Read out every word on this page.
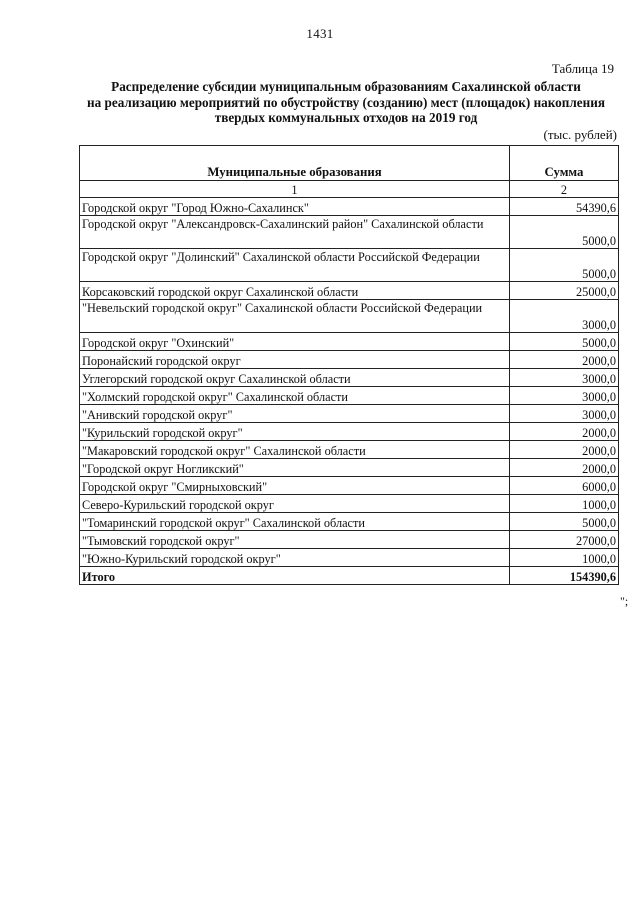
1431
Таблица 19
Распределение субсидии муниципальным образованиям Сахалинской области
на реализацию мероприятий по обустройству (созданию) мест (площадок) накопления
твердых коммунальных отходов на 2019 год
(тыс. рублей)
Муниципальные образования	Сумма
1	2
Городской округ "Город Южно-Сахалинск"	54390,6
Городской округ "Александровск-Сахалинский район" Сахалинской области	5000,0
Городской округ "Долинский" Сахалинской области Российской Федерации	5000,0
Корсаковский городской округ Сахалинской области	25000,0
"Невельский городской округ" Сахалинской области Российской Федерации	3000,0
Городской округ "Охинский"	5000,0
Поронайский городской округ	2000,0
Углегорский городской округ Сахалинской области	3000,0
"Холмский городской округ" Сахалинской области	3000,0
"Анивский городской округ"	3000,0
"Курильский городской округ"	2000,0
"Макаровский городской округ" Сахалинской области	2000,0
"Городской округ Ногликский"	2000,0
Городской округ "Смирныховский"	6000,0
Северо-Курильский городской округ	1000,0
"Томаринский городской округ" Сахалинской области	5000,0
"Тымовский городской округ"	27000,0
"Южно-Курильский городской округ"	1000,0
Итого	154390,6
";
